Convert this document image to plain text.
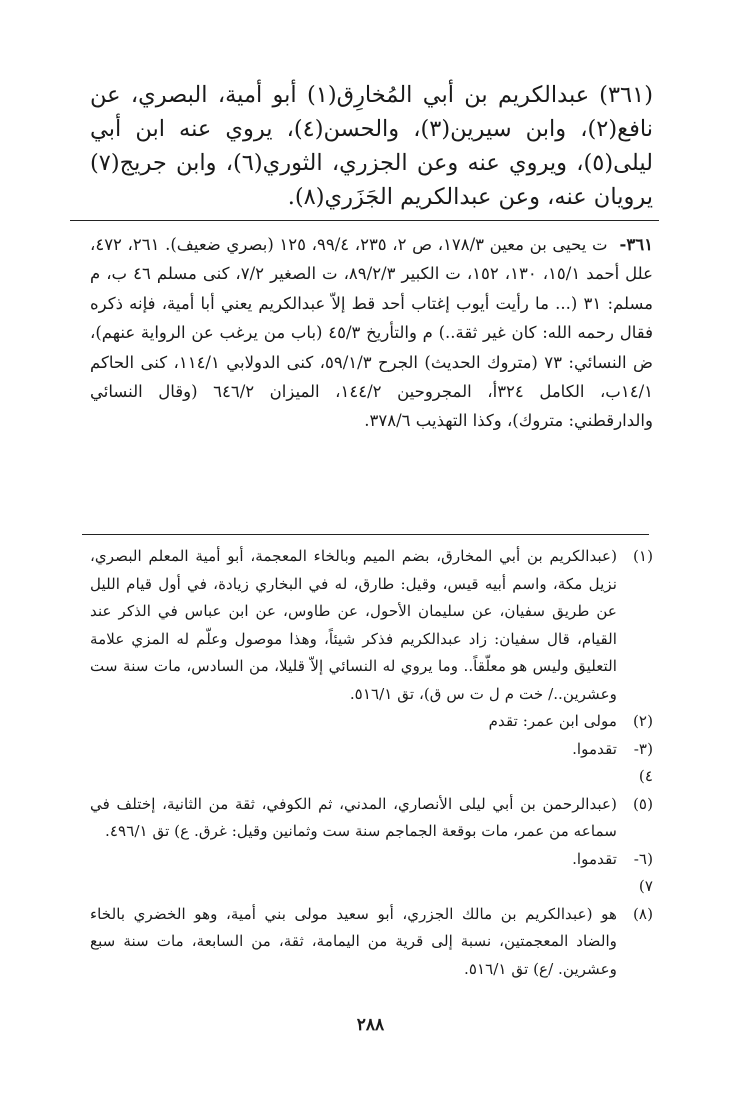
(٣٦١)عبدالكريم بن أبي المُخارِق(١) أبو أمية، البصري، عن نافع(٢)، وابن سيرين(٣)، والحسن(٤)، يروي عنه ابن أبي ليلى(٥)، ويروي عنه وعن الجزري، الثوري(٦)، وابن جريج(٧) يرويان عنه، وعن عبدالكريم الجَزَري(٨).
٣٦١-ت يحيى بن معين ١٧٨/٣، ص ٢، ٢٣٥، ٩٩/٤، ١٢٥ (بصري ضعيف). ٢٦١، ٤٧٢، علل أحمد ١٥/١، ١٣٠، ١٥٢، ت الكبير ٨٩/٢/٣، ت الصغير ٧/٢، كنى مسلم ٤٦ ب، م مسلم: ٣١ (... ما رأيت أيوب إغتاب أحد قط إلاّ عبدالكريم يعني أبا أمية، فإنه ذكره فقال رحمه الله: كان غير ثقة..) م والتأريخ ٤٥/٣ (باب من يرغب عن الرواية عنهم)، ض النسائي: ٧٣ (متروك الحديث) الجرح ٥٩/١/٣، كنى الدولابي ١١٤/١، كنى الحاكم ١٤/١ب، الكامل ٣٢٤أ، المجروحين ١٤٤/٢، الميزان ٦٤٦/٢ (وقال النسائي والدارقطني: متروك)، وكذا التهذيب ٣٧٨/٦.
(١)
(عبدالكريم بن أبي المخارق، بضم الميم وبالخاء المعجمة، أبو أمية المعلم البصري، نزيل مكة، واسم أبيه قيس، وقيل: طارق، له في البخاري زيادة، في أول قيام الليل عن طريق سفيان، عن سليمان الأحول، عن طاوس، عن ابن عباس في الذكر عند القيام، قال سفيان: زاد عبدالكريم فذكر شيئاً، وهذا موصول وعلّم له المزي علامة التعليق وليس هو معلّقاً.. وما يروي له النسائي إلاّ قليلا، من السادس، مات سنة ست وعشرين../ خت م ل ت س ق)، تق ٥١٦/١.
(٢)
مولى ابن عمر: تقدم
(٣- ٤)
تقدموا.
(٥)
(عبدالرحمن بن أبي ليلى الأنصاري، المدني، ثم الكوفي، ثقة من الثانية، إختلف في سماعه من عمر، مات بوقعة الجماجم سنة ست وثمانين وقيل: غرق. ع) تق ٤٩٦/١.
(٦- ٧)
تقدموا.
(٨)
هو (عبدالكريم بن مالك الجزري، أبو سعيد مولى بني أمية، وهو الخضري بالخاء والضاد المعجمتين، نسبة إلى قرية من اليمامة، ثقة، من السابعة، مات سنة سبع وعشرين. /ع) تق ٥١٦/١.
٢٨٨
